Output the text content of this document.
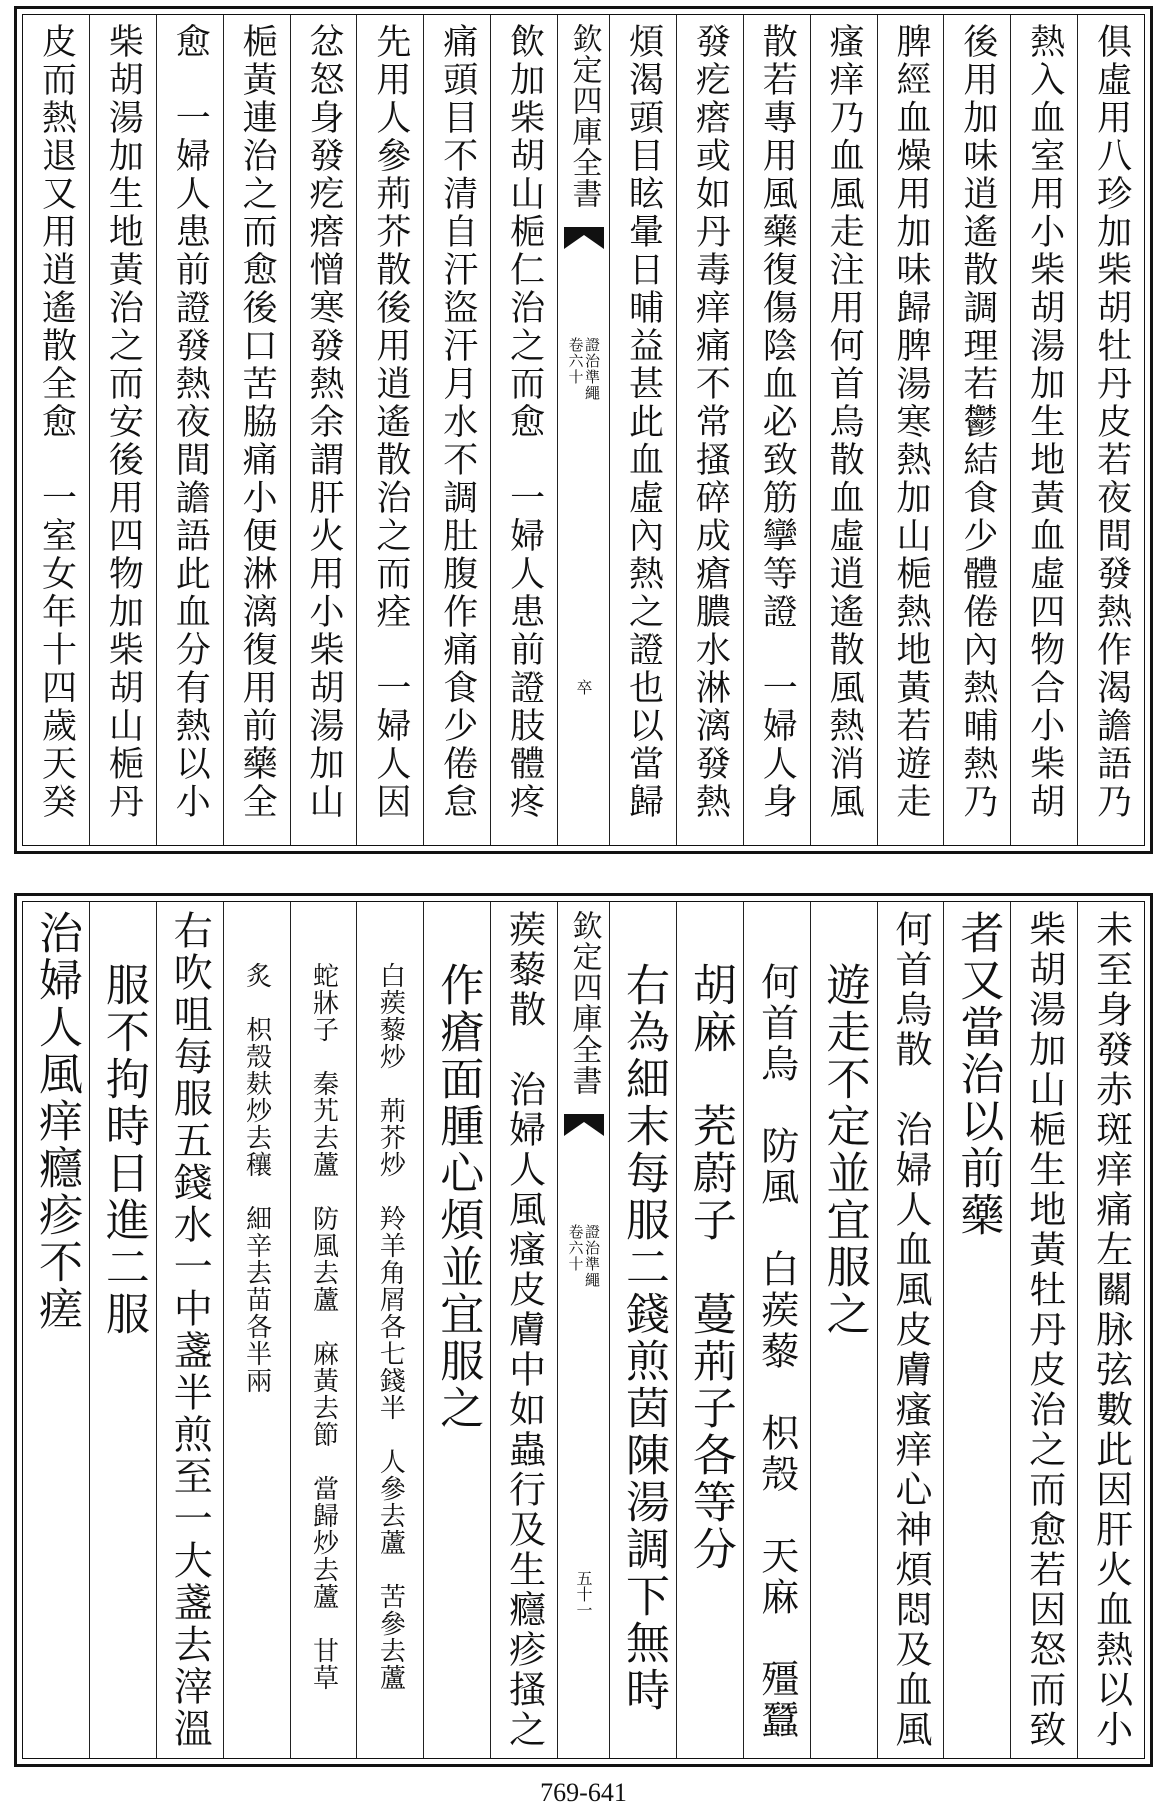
俱虛用八珍加柴胡牡丹皮若夜間發熱作渴譫語乃
熱入血室用小柴胡湯加生地黃血虛四物合小柴胡
後用加味逍遙散調理若鬱結食少體倦內熱晡熱乃
脾經血燥用加味歸脾湯寒熱加山梔熱地黃若遊走
瘙痒乃血風走注用何首烏散血虛逍遙散風熱消風
散若專用風藥復傷陰血必致筋攣等證　一婦人身
發疙瘩或如丹毒痒痛不常搔碎成瘡膿水淋漓發熱
煩渴頭目眩暈日晡益甚此血虛內熱之證也以當歸
欽定四庫全書
證治準繩
卷六十
卒
飲加柴胡山梔仁治之而愈　一婦人患前證肢體疼
痛頭目不清自汗盜汗月水不調肚腹作痛食少倦怠
先用人參荊芥散後用逍遙散治之而痊　一婦人因
忿怒身發疙瘩憎寒發熱余謂肝火用小柴胡湯加山
梔黃連治之而愈後口苦脇痛小便淋漓復用前藥全
愈　一婦人患前證發熱夜間譫語此血分有熱以小
柴胡湯加生地黃治之而安後用四物加柴胡山梔丹
皮而熱退又用逍遙散全愈　一室女年十四歲天癸
未至身發赤斑痒痛左關脉弦數此因肝火血熱以小
柴胡湯加山梔生地黃牡丹皮治之而愈若因怒而致
者又當治以前藥
何首烏散　治婦人血風皮膚瘙痒心神煩悶及血風
遊走不定並宜服之
何首烏　防風　白蒺藜　枳殼　天麻　殭蠶
胡麻　茺蔚子　蔓荊子各等分
右為細末每服二錢煎茵陳湯調下無時
欽定四庫全書
證治準繩
卷六十
五十一
蒺藜散　治婦人風瘙皮膚中如蟲行及生癮疹搔之
作瘡面腫心煩並宜服之
白蒺藜炒　荊芥炒　羚羊角屑各七錢半　人參去蘆　苦參去蘆
蛇牀子　秦艽去蘆　防風去蘆　麻黃去節　當歸炒去蘆　甘草
炙　枳殼麸炒去穰　細辛去苗各半兩
右吹咀每服五錢水一中盞半煎至一大盞去滓溫
服不拘時日進二服
治婦人風痒癮疹不瘥
769-641
